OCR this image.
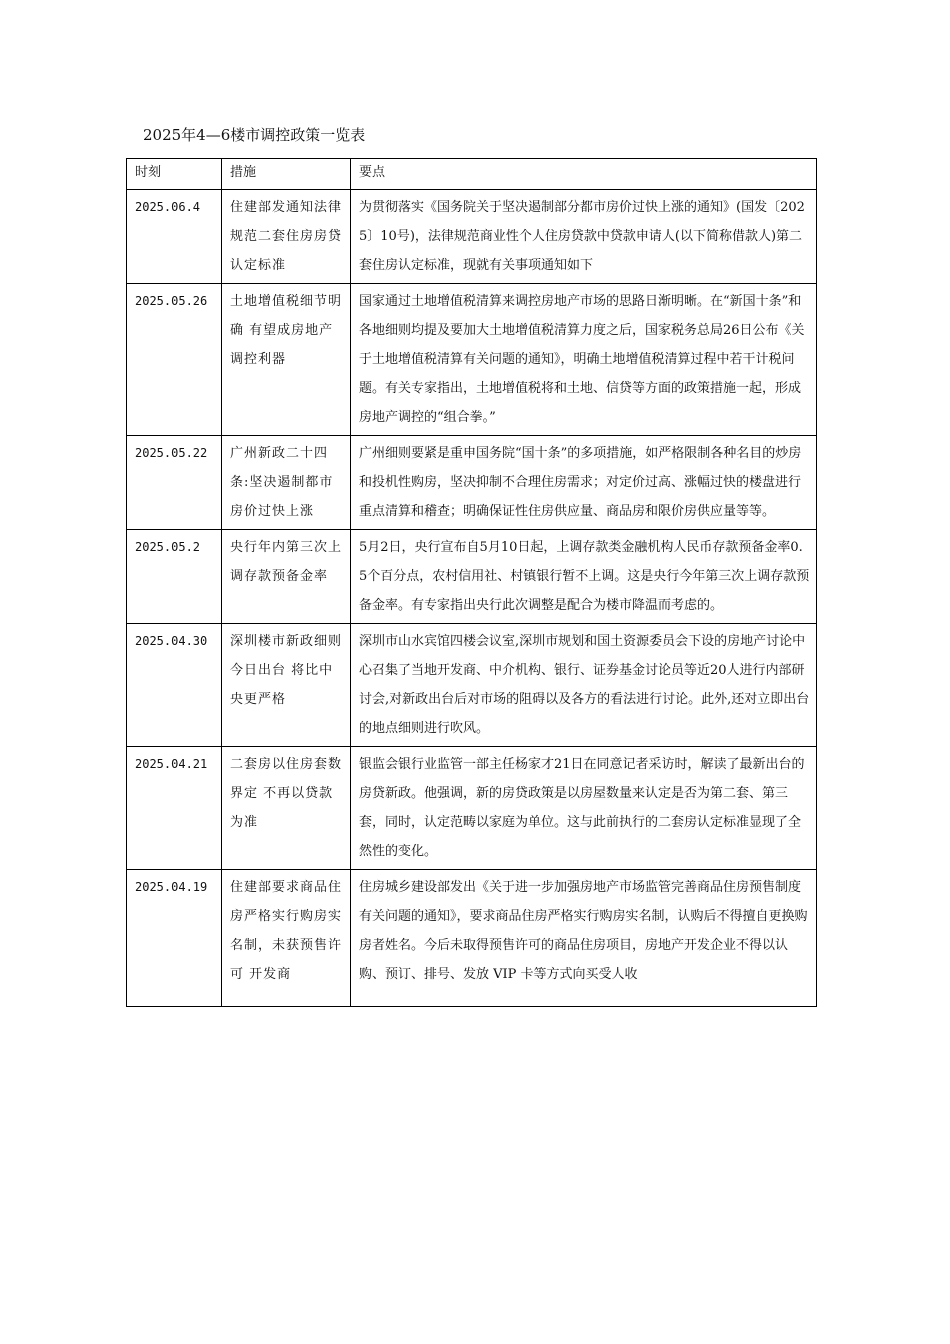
2025年4—6楼市调控政策一览表
时刻	措施	要点
2025.06.4	住建部发通知法律规范二套住房房贷认定标准	为贯彻落实《国务院关于坚决遏制部分都市房价过快上涨的通知》(国发〔2025〕10号)，法律规范商业性个人住房贷款中贷款申请人(以下简称借款人)第二套住房认定标准，现就有关事项通知如下
2025.05.26	土地增值税细节明确 有望成房地产调控利器	国家通过土地增值税清算来调控房地产市场的思路日渐明晰。在“新国十条”和各地细则均提及要加大土地增值税清算力度之后，国家税务总局26日公布《关于土地增值税清算有关问题的通知》，明确土地增值税清算过程中若干计税问题。有关专家指出，土地增值税将和土地、信贷等方面的政策措施一起，形成房地产调控的“组合拳。”
2025.05.22	广州新政二十四条:坚决遏制都市房价过快上涨	广州细则要紧是重申国务院“国十条”的多项措施，如严格限制各种名目的炒房和投机性购房，坚决抑制不合理住房需求；对定价过高、涨幅过快的楼盘进行重点清算和稽查；明确保证性住房供应量、商品房和限价房供应量等等。
2025.05.2	央行年内第三次上调存款预备金率	5月2日，央行宣布自5月10日起，上调存款类金融机构人民币存款预备金率0.5个百分点，农村信用社、村镇银行暂不上调。这是央行今年第三次上调存款预备金率。有专家指出央行此次调整是配合为楼市降温而考虑的。
2025.04.30	深圳楼市新政细则今日出台 将比中央更严格	深圳市山水宾馆四楼会议室,深圳市规划和国土资源委员会下设的房地产讨论中心召集了当地开发商、中介机构、银行、证券基金讨论员等近20人进行内部研讨会,对新政出台后对市场的阻碍以及各方的看法进行讨论。此外,还对立即出台的地点细则进行吹风。
2025.04.21	二套房以住房套数界定 不再以贷款为准	银监会银行业监管一部主任杨家才21日在同意记者采访时，解读了最新出台的房贷新政。他强调，新的房贷政策是以房屋数量来认定是否为第二套、第三套，同时，认定范畴以家庭为单位。这与此前执行的二套房认定标准显现了全然性的变化。
2025.04.19	住建部要求商品住房严格实行购房实名制，未获预售许可 开发商	住房城乡建设部发出《关于进一步加强房地产市场监管完善商品住房预售制度有关问题的通知》，要求商品住房严格实行购房实名制，认购后不得擅自更换购房者姓名。今后未取得预售许可的商品住房项目，房地产开发企业不得以认购、预订、排号、发放 VIP 卡等方式向买受人收
